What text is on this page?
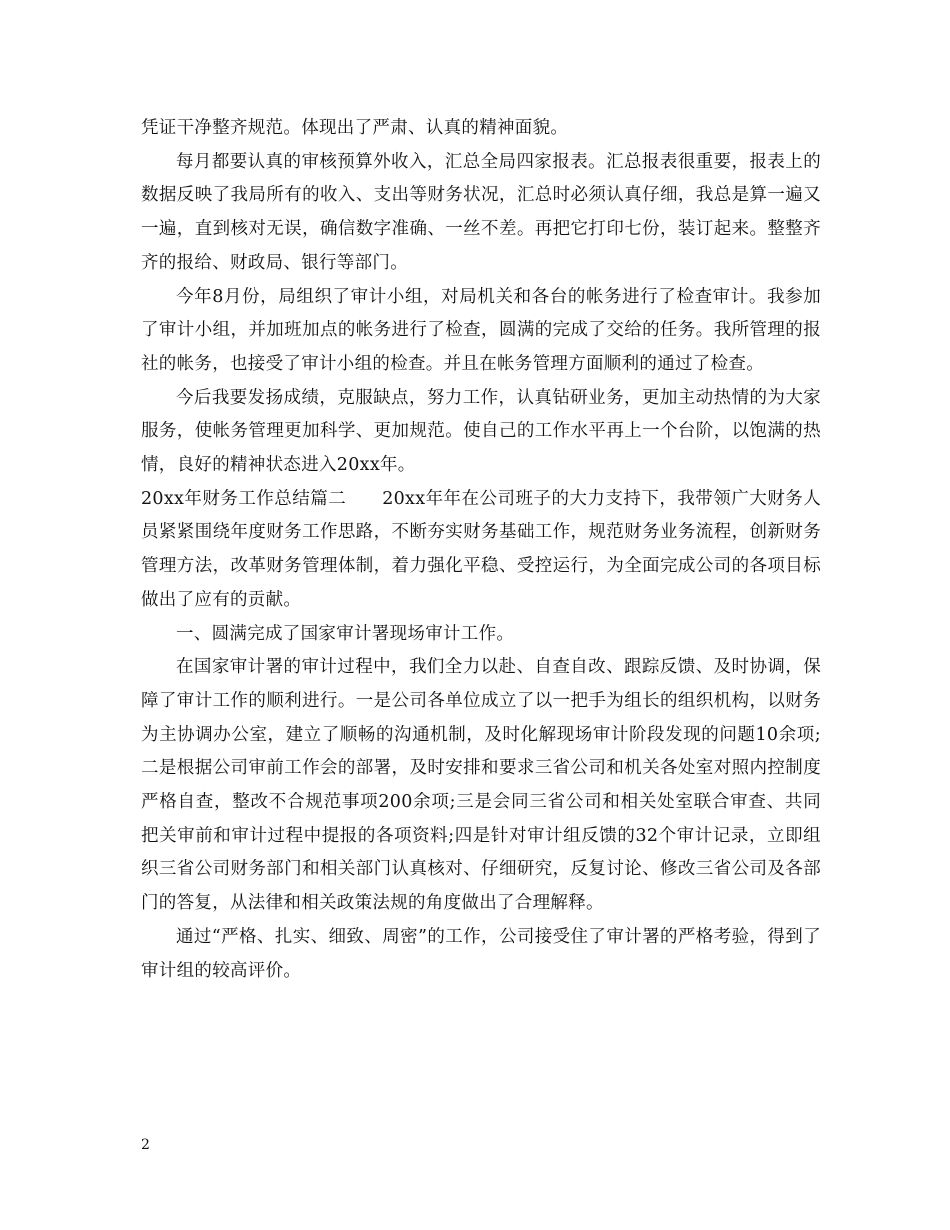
凭证干净整齐规范。体现出了严肃、认真的精神面貌。

每月都要认真的审核预算外收入，汇总全局四家报表。汇总报表很重要，报表上的数据反映了我局所有的收入、支出等财务状况，汇总时必须认真仔细，我总是算一遍又一遍，直到核对无误，确信数字准确、一丝不差。再把它打印七份，装订起来。整整齐齐的报给、财政局、银行等部门。

今年8月份，局组织了审计小组，对局机关和各台的帐务进行了检查审计。我参加了审计小组，并加班加点的帐务进行了检查，圆满的完成了交给的任务。我所管理的报社的帐务，也接受了审计小组的检查。并且在帐务管理方面顺利的通过了检查。

今后我要发扬成绩，克服缺点，努力工作，认真钻研业务，更加主动热情的为大家服务，使帐务管理更加科学、更加规范。使自己的工作水平再上一个台阶，以饱满的热情，良好的精神状态进入20xx年。

20xx年财务工作总结篇二　　20xx年年在公司班子的大力支持下，我带领广大财务人员紧紧围绕年度财务工作思路，不断夯实财务基础工作，规范财务业务流程，创新财务管理方法，改革财务管理体制，着力强化平稳、受控运行，为全面完成公司的各项目标做出了应有的贡献。

一、圆满完成了国家审计署现场审计工作。

在国家审计署的审计过程中，我们全力以赴、自查自改、跟踪反馈、及时协调，保障了审计工作的顺利进行。一是公司各单位成立了以一把手为组长的组织机构，以财务为主协调办公室，建立了顺畅的沟通机制，及时化解现场审计阶段发现的问题10余项;二是根据公司审前工作会的部署，及时安排和要求三省公司和机关各处室对照内控制度严格自查，整改不合规范事项200余项;三是会同三省公司和相关处室联合审查、共同把关审前和审计过程中提报的各项资料;四是针对审计组反馈的32个审计记录，立即组织三省公司财务部门和相关部门认真核对、仔细研究，反复讨论、修改三省公司及各部门的答复，从法律和相关政策法规的角度做出了合理解释。

通过“严格、扎实、细致、周密”的工作，公司接受住了审计署的严格考验，得到了审计组的较高评价。

2
